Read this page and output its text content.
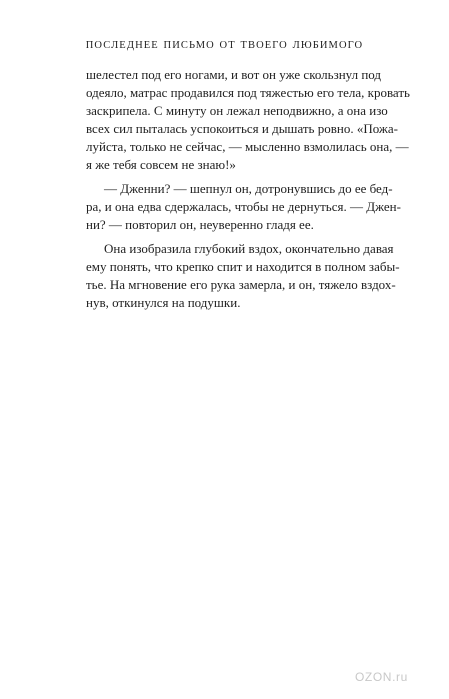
ПОСЛЕДНЕЕ ПИСЬМО ОТ ТВОЕГО ЛЮБИМОГО
шелестел под его ногами, и вот он уже скользнул под
одеяло, матрас продавился под тяжестью его тела, кровать
заскрипела. С минуту он лежал неподвижно, а она изо
всех сил пыталась успокоиться и дышать ровно. «Пожа-
луйста, только не сейчас, — мысленно взмолилась она, —
я же тебя совсем не знаю!»
— Дженни? — шепнул он, дотронувшись до ее бед-
ра, и она едва сдержалась, чтобы не дернуться. — Джен-
ни? — повторил он, неуверенно гладя ее.
Она изобразила глубокий вздох, окончательно давая
ему понять, что крепко спит и находится в полном забы-
тье. На мгновение его рука замерла, и он, тяжело вздох-
нув, откинулся на подушки.
OZON.ru
